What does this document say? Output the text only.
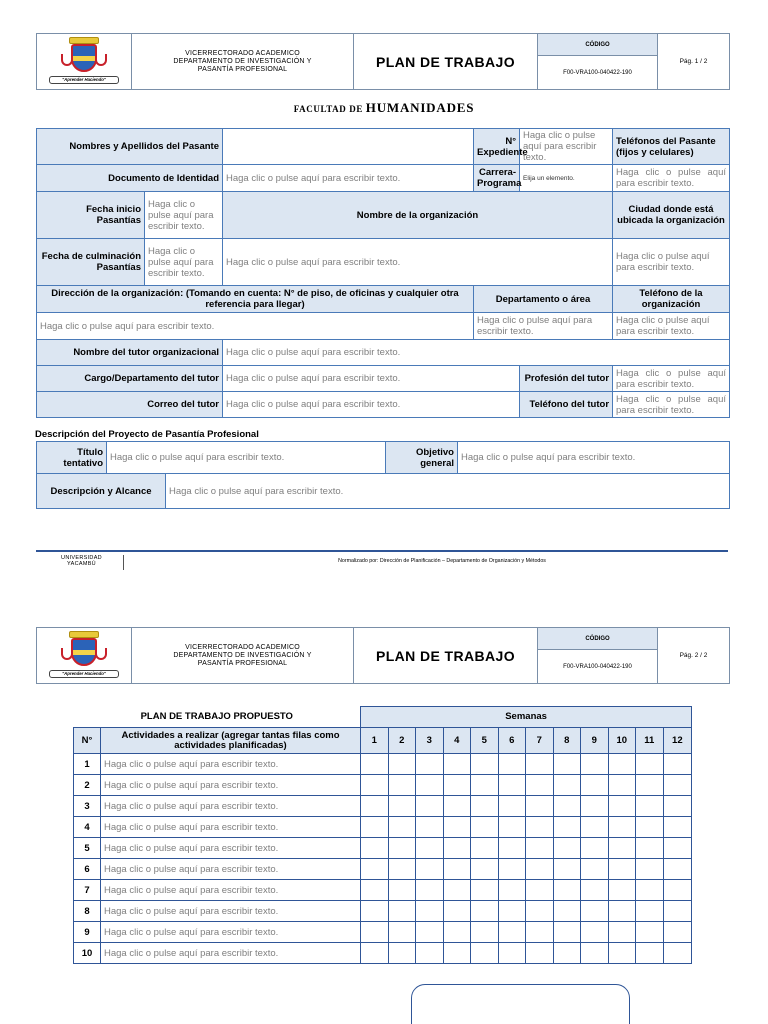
"Aprender Haciendo"

VICERRECTORADO ACADEMICO
DEPARTAMENTO DE INVESTIGACIÓN Y
PASANTÍA PROFESIONAL	PLAN DE TRABAJO	CÓDIGO	Pág. 1 / 2
F00-VRA100-040422-190
FACULTAD DE HUMANIDADES
Nombres y Apellidos del Pasante			N° Expediente	Haga clic o pulse aquí para escribir texto.	Teléfonos del Pasante (fijos y celulares)
Documento de Identidad		Haga clic o pulse aquí para escribir texto.	Carrera-Programa	Elija un elemento.	Haga clic o pulse aquí para escribir texto.
Fecha inicio Pasantías	Haga clic o pulse aquí para escribir texto.	Nombre de la organización			Ciudad donde está ubicada la organización
Fecha de culminación Pasantías	Haga clic o pulse aquí para escribir texto.	Haga clic o pulse aquí para escribir texto.			Haga clic o pulse aquí para escribir texto.
Dirección de la organización: (Tomando en cuenta: N° de piso, de oficinas y cualquier otra referencia para llegar)			Departamento o área		Teléfono de la organización
Haga clic o pulse aquí para escribir texto.			Haga clic o pulse aquí para escribir texto.		Haga clic o pulse aquí para escribir texto.
Nombre del tutor organizacional		Haga clic o pulse aquí para escribir texto.			
Cargo/Departamento del tutor		Haga clic o pulse aquí para escribir texto.		Profesión del tutor	Haga clic o pulse aquí para escribir texto.
Correo del tutor		Haga clic o pulse aquí para escribir texto.		Teléfono del tutor	Haga clic o pulse aquí para escribir texto.
Descripción del Proyecto de Pasantía Profesional
Título tentativo	Haga clic o pulse aquí para escribir texto.	Objetivo general	Haga clic o pulse aquí para escribir texto.
Descripción y Alcance	Haga clic o pulse aquí para escribir texto.
UNIVERSIDAD
YACAMBÚ	Normalizado por: Dirección de Planificación – Departamento de Organización y Métodos
"Aprender Haciendo"

VICERRECTORADO ACADEMICO
DEPARTAMENTO DE INVESTIGACIÓN Y
PASANTÍA PROFESIONAL	PLAN DE TRABAJO	CÓDIGO	Pág. 2 / 2
F00-VRA100-040422-190
PLAN DE TRABAJO PROPUESTO		Semanas											
N°	Actividades a realizar (agregar tantas filas como actividades planificadas)	1	2	3	4	5	6	7	8	9	10	11	12
1	Haga clic o pulse aquí para escribir texto.												
2	Haga clic o pulse aquí para escribir texto.												
3	Haga clic o pulse aquí para escribir texto.												
4	Haga clic o pulse aquí para escribir texto.												
5	Haga clic o pulse aquí para escribir texto.												
6	Haga clic o pulse aquí para escribir texto.												
7	Haga clic o pulse aquí para escribir texto.												
8	Haga clic o pulse aquí para escribir texto.												
9	Haga clic o pulse aquí para escribir texto.												
10	Haga clic o pulse aquí para escribir texto.												
